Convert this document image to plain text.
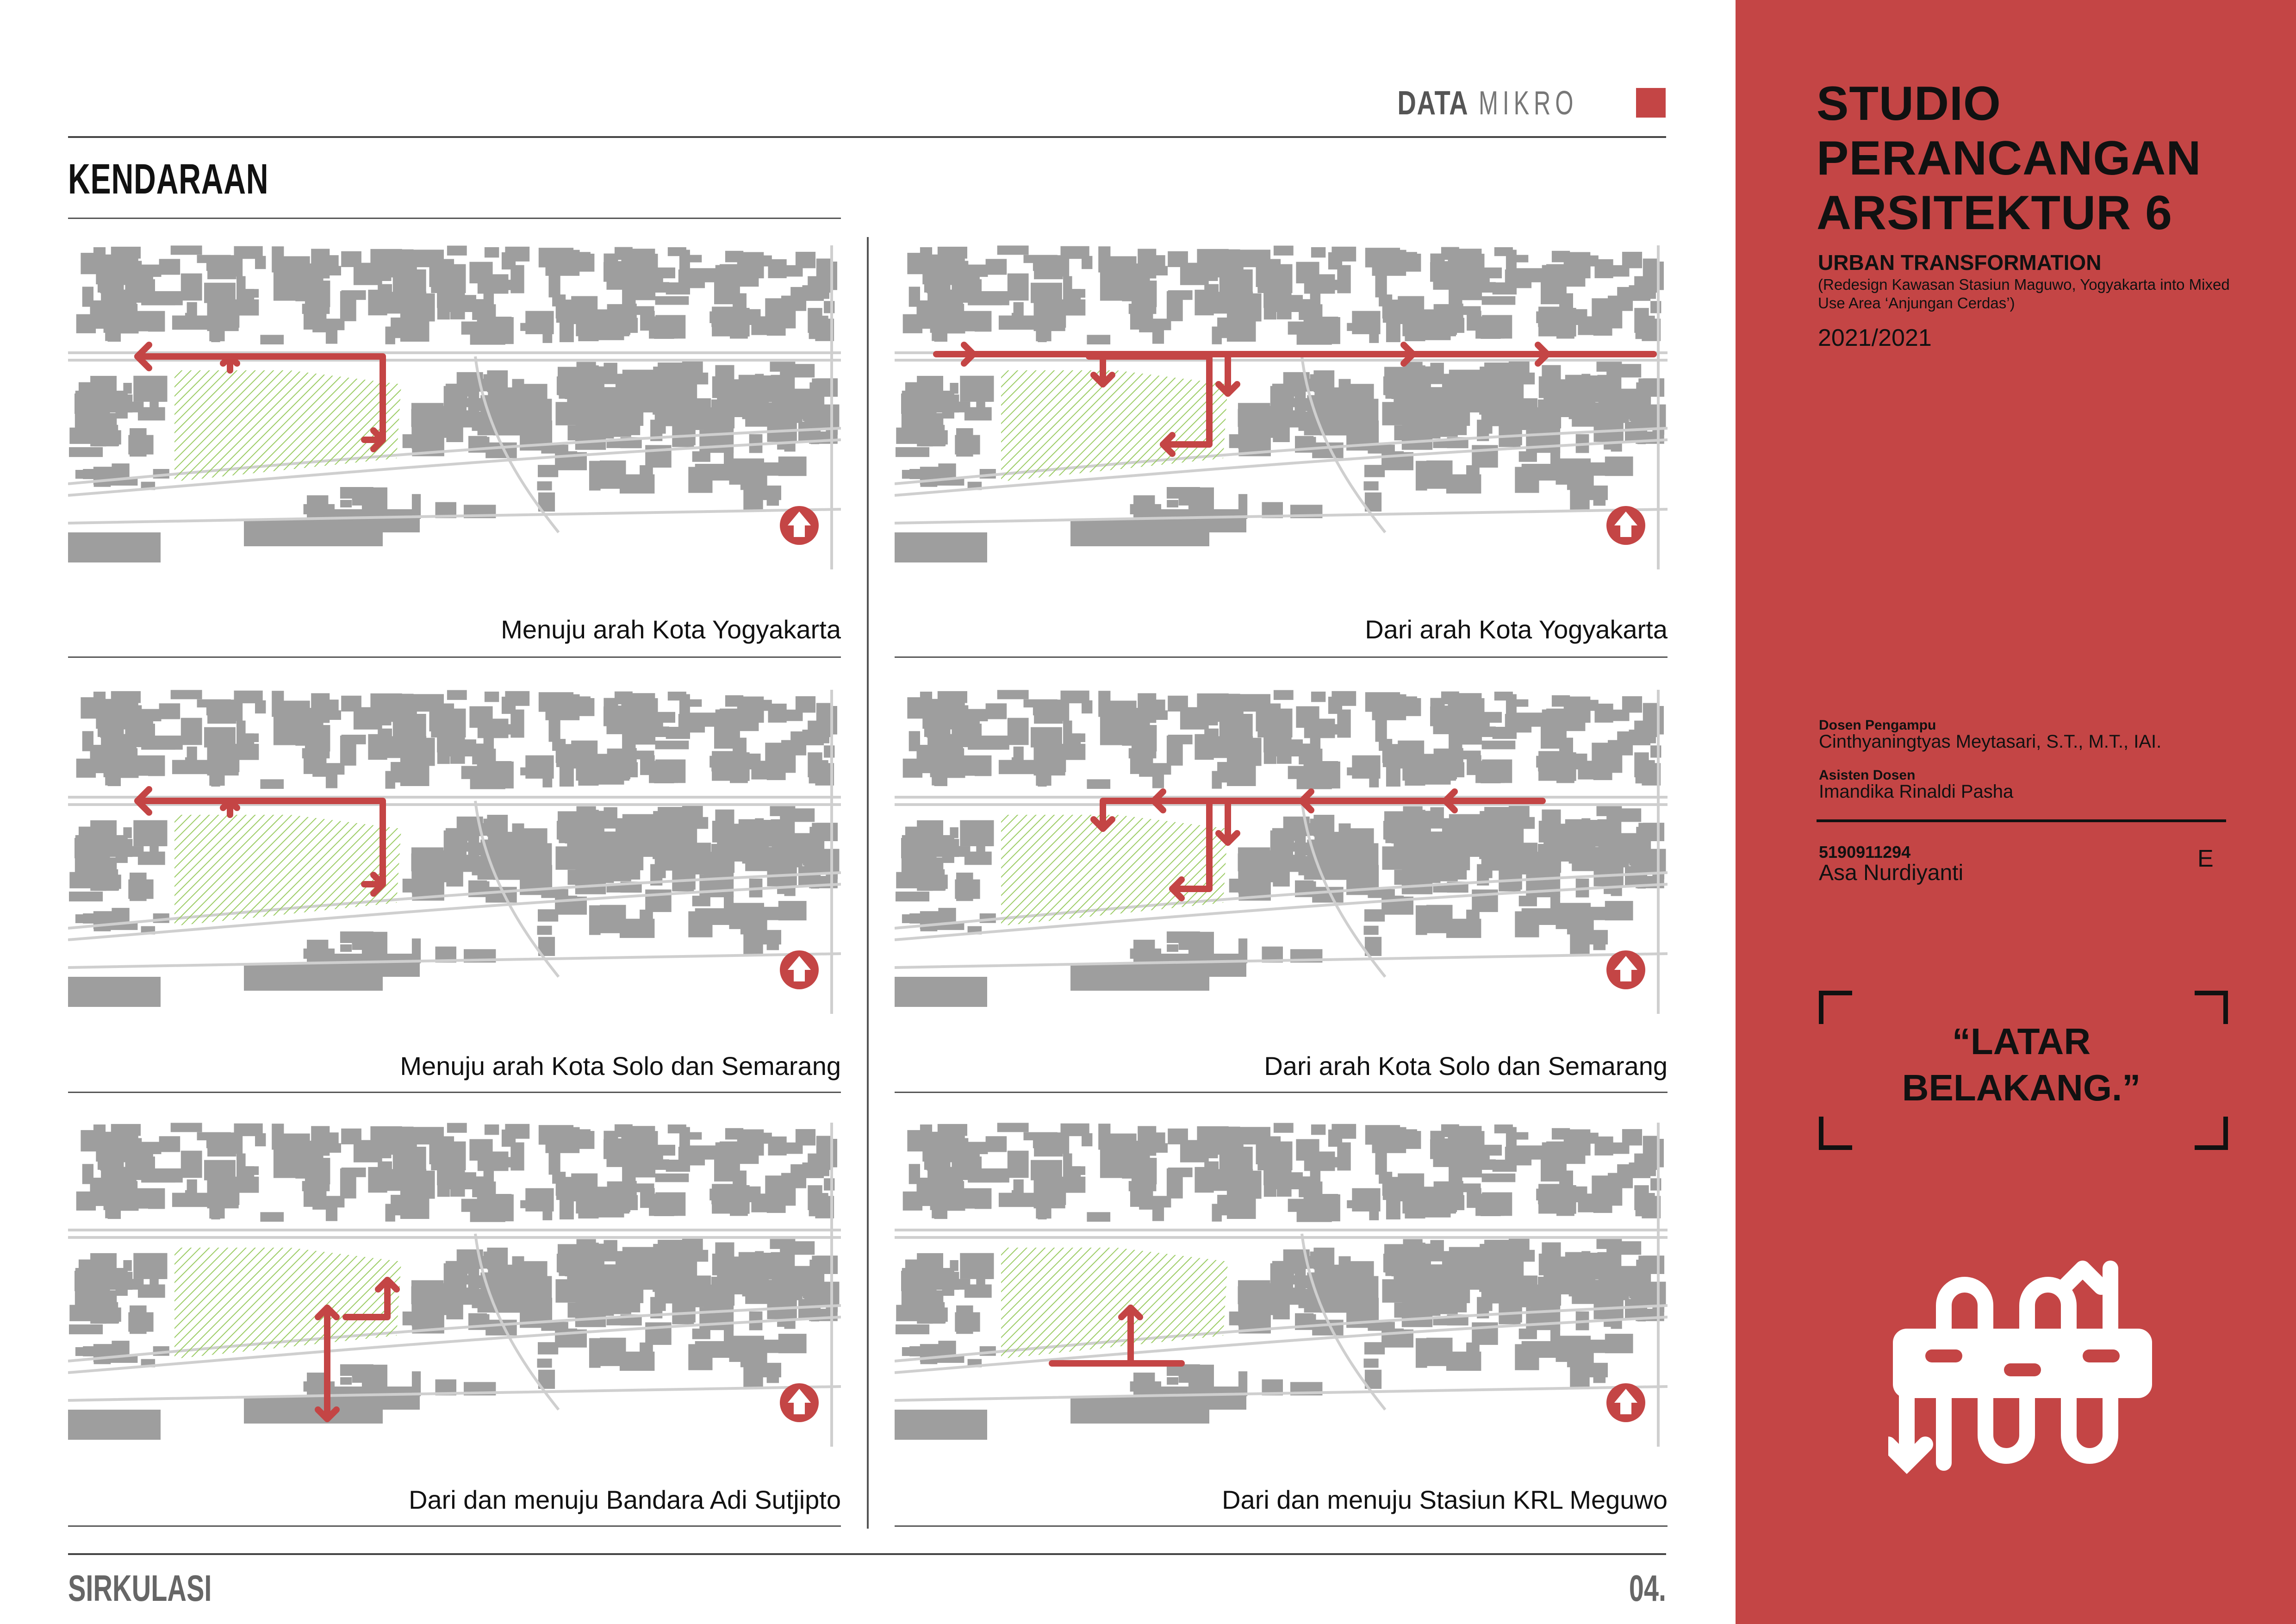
DATA MIKRO
KENDARAAN
Menuju arah Kota Yogyakarta	Dari arah Kota Yogyakarta
Menuju arah Kota Solo dan Semarang	Dari arah Kota Solo dan Semarang
Dari dan menuju Bandara Adi Sutjipto	Dari dan menuju Stasiun KRL Meguwo
SIRKULASI	04.
STUDIO
PERANCANGAN
ARSITEKTUR 6
URBAN TRANSFORMATION
(Redesign Kawasan Stasiun Maguwo, Yogyakarta into Mixed Use Area ‘Anjungan Cerdas’)
2021/2021
Dosen Pengampu
Cinthyaningtyas Meytasari, S.T., M.T., IAI.
Asisten Dosen
Imandika Rinaldi Pasha
5190911294
Asa Nurdiyanti
E
“LATAR
BELAKANG.”
